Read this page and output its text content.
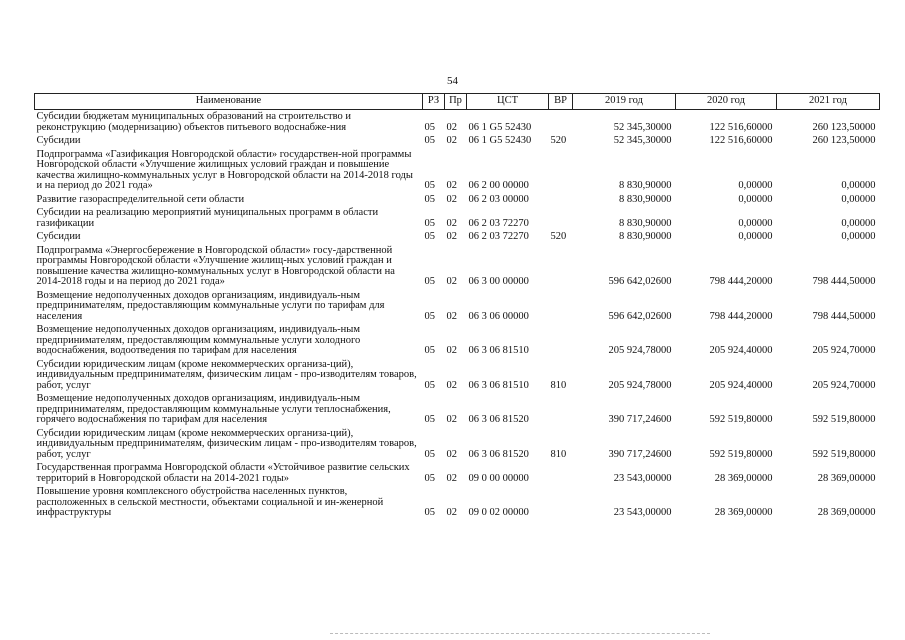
54
Наименование	РЗ	Пр	ЦСТ	ВР	2019 год	2020 год	2021 год
Субсидии бюджетам муниципальных образований на строительство и реконструкцию (модернизацию) объектов питьевого водоснабже-ния	05	02	06 1 G5 52430		52 345,30000	122 516,60000	260 123,50000
Субсидии	05	02	06 1 G5 52430	520	52 345,30000	122 516,60000	260 123,50000
Подпрограмма «Газификация Новгородской области» государствен-ной программы Новгородской области «Улучшение жилищных условий граждан и повышение качества жилищно-коммунальных услуг в Новгородской области на 2014-2018 годы и на период до 2021 года»	05	02	06 2 00 00000		8 830,90000	0,00000	0,00000
Развитие газораспределительной сети области	05	02	06 2 03 00000		8 830,90000	0,00000	0,00000
Субсидии на реализацию мероприятий муниципальных программ в области газификации	05	02	06 2 03 72270		8 830,90000	0,00000	0,00000
Субсидии	05	02	06 2 03 72270	520	8 830,90000	0,00000	0,00000
Подпрограмма «Энергосбережение в Новгородской области» госу-дарственной программы Новгородской области «Улучшение жилищ-ных условий граждан и повышение качества жилищно-коммунальных услуг в Новгородской области на 2014-2018 годы и на период до 2021 года»	05	02	06 3 00 00000		596 642,02600	798 444,20000	798 444,50000
Возмещение недополученных доходов организациям, индивидуаль-ным предпринимателям, предоставляющим коммунальные услуги по тарифам для населения	05	02	06 3 06 00000		596 642,02600	798 444,20000	798 444,50000
Возмещение недополученных доходов организациям, индивидуаль-ным предпринимателям, предоставляющим коммунальные услуги холодного водоснабжения, водоотведения по тарифам для населения	05	02	06 3 06 81510		205 924,78000	205 924,40000	205 924,70000
Субсидии юридическим лицам (кроме некоммерческих организа-ций), индивидуальным предпринимателям, физическим лицам - про-изводителям товаров, работ, услуг	05	02	06 3 06 81510	810	205 924,78000	205 924,40000	205 924,70000
Возмещение недополученных доходов организациям, индивидуаль-ным предпринимателям, предоставляющим коммунальные услуги теплоснабжения, горячего водоснабжения по тарифам для населения	05	02	06 3 06 81520		390 717,24600	592 519,80000	592 519,80000
Субсидии юридическим лицам (кроме некоммерческих организа-ций), индивидуальным предпринимателям, физическим лицам - про-изводителям товаров, работ, услуг	05	02	06 3 06 81520	810	390 717,24600	592 519,80000	592 519,80000
Государственная программа Новгородской области «Устойчивое развитие сельских территорий в Новгородской области на 2014-2021 годы»	05	02	09 0 00 00000		23 543,00000	28 369,00000	28 369,00000
Повышение уровня комплексного обустройства населенных пунктов, расположенных в сельской местности, объектами социальной и ин-женерной инфраструктуры	05	02	09 0 02 00000		23 543,00000	28 369,00000	28 369,00000
